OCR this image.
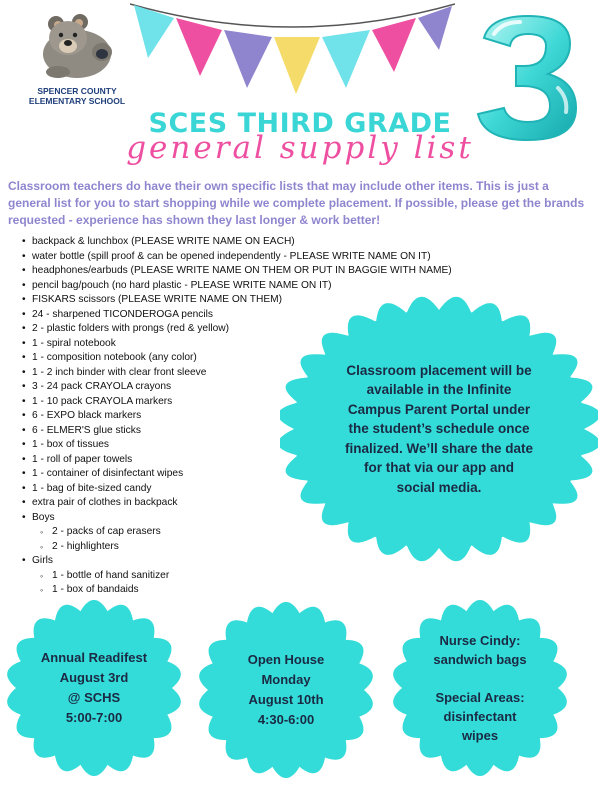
SPENCER COUNTY
ELEMENTARY SCHOOL
SCES THIRD GRADE
general supply list
Classroom teachers do have their own specific lists that may include other items. This is just a general list for you to start shopping while we complete placement. If possible, please get the brands requested - experience has shown they last longer & work better!
• backpack & lunchbox (PLEASE WRITE NAME ON EACH)
• water bottle (spill proof & can be opened independently - PLEASE WRITE NAME ON IT)
• headphones/earbuds (PLEASE WRITE NAME ON THEM OR PUT IN BAGGIE WITH NAME)
• pencil bag/pouch (no hard plastic - PLEASE WRITE NAME ON IT)
• FISKARS scissors (PLEASE WRITE NAME ON THEM)
• 24 - sharpened TICONDEROGA pencils
• 2 - plastic folders with prongs (red & yellow)
• 1 - spiral notebook
• 1 - composition notebook (any color)
• 1 - 2 inch binder with clear front sleeve
• 3 - 24 pack CRAYOLA crayons
• 1 - 10 pack CRAYOLA markers
• 6 - EXPO black markers
• 6 - ELMER'S glue sticks
• 1 - box of tissues
• 1 - roll of paper towels
• 1 - container of disinfectant wipes
• 1 - bag of bite-sized candy
• extra pair of clothes in backpack
• Boys
◦ 2 - packs of cap erasers
◦ 2 - highlighters
• Girls
◦ 1 - bottle of hand sanitizer
◦ 1 - box of bandaids
Classroom placement will be
available in the Infinite
Campus Parent Portal under
the student’s schedule once
finalized. We’ll share the date
for that via our app and
social media.
Annual Readifest
August 3rd
@ SCHS
5:00-7:00
Open House
Monday
August 10th
4:30-6:00
Nurse Cindy:
sandwich bags
Special Areas:
disinfectant
wipes
